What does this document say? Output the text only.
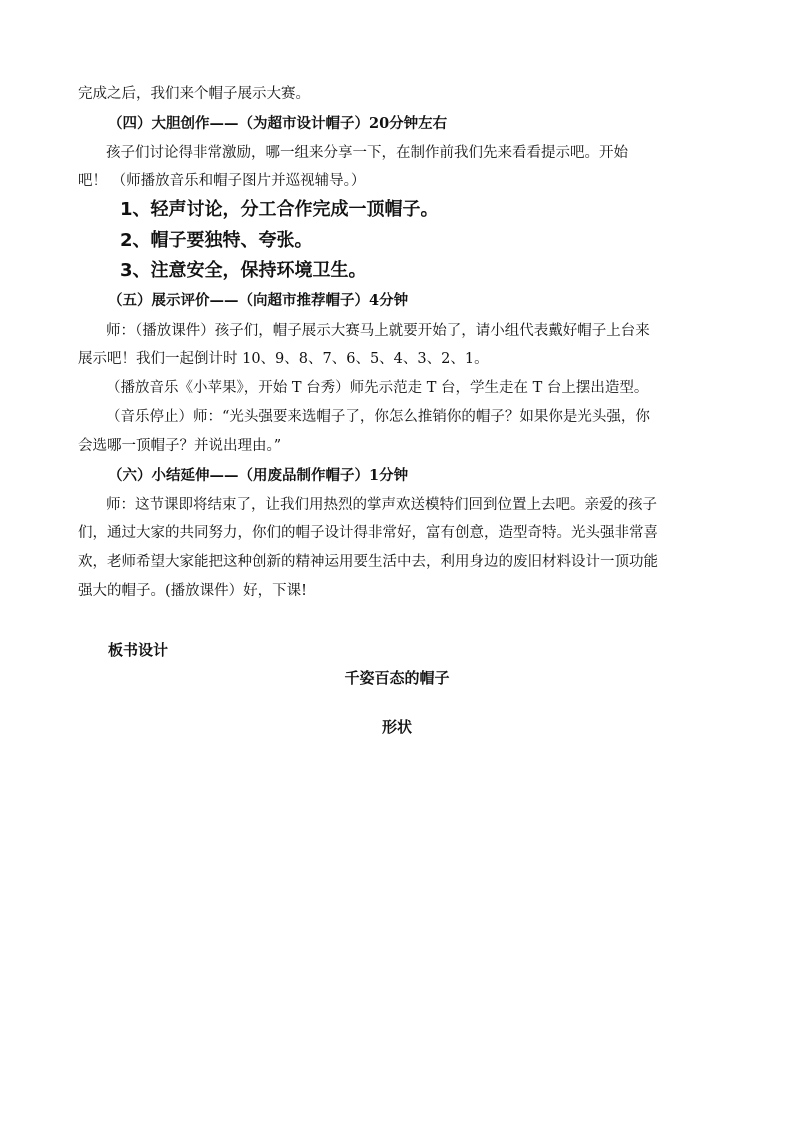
完成之后，我们来个帽子展示大赛。
（四）大胆创作——（为超市设计帽子）20分钟左右
孩子们讨论得非常激励，哪一组来分享一下，在制作前我们先来看看提示吧。开始
吧！ （师播放音乐和帽子图片并巡视辅导。）
1、轻声讨论，分工合作完成一顶帽子。
2、帽子要独特、夸张。
3、注意安全，保持环境卫生。
（五）展示评价——（向超市推荐帽子）4分钟
师：（播放课件）孩子们，帽子展示大赛马上就要开始了，请小组代表戴好帽子上台来
展示吧！我们一起倒计时 10、9、8、7、6、5、4、3、2、1。
（播放音乐《小苹果》，开始 T 台秀）师先示范走 T 台，学生走在 T 台上摆出造型。
（音乐停止）师：“光头强要来选帽子了，你怎么推销你的帽子？如果你是光头强，你
会选哪一顶帽子？并说出理由。”
（六）小结延伸——（用废品制作帽子）1分钟
师：这节课即将结束了，让我们用热烈的掌声欢送模特们回到位置上去吧。亲爱的孩子
们，通过大家的共同努力，你们的帽子设计得非常好，富有创意，造型奇特。光头强非常喜
欢，老师希望大家能把这种创新的精神运用要生活中去，利用身边的废旧材料设计一顶功能
强大的帽子。(播放课件）好，下课!
板书设计
千姿百态的帽子
形状
